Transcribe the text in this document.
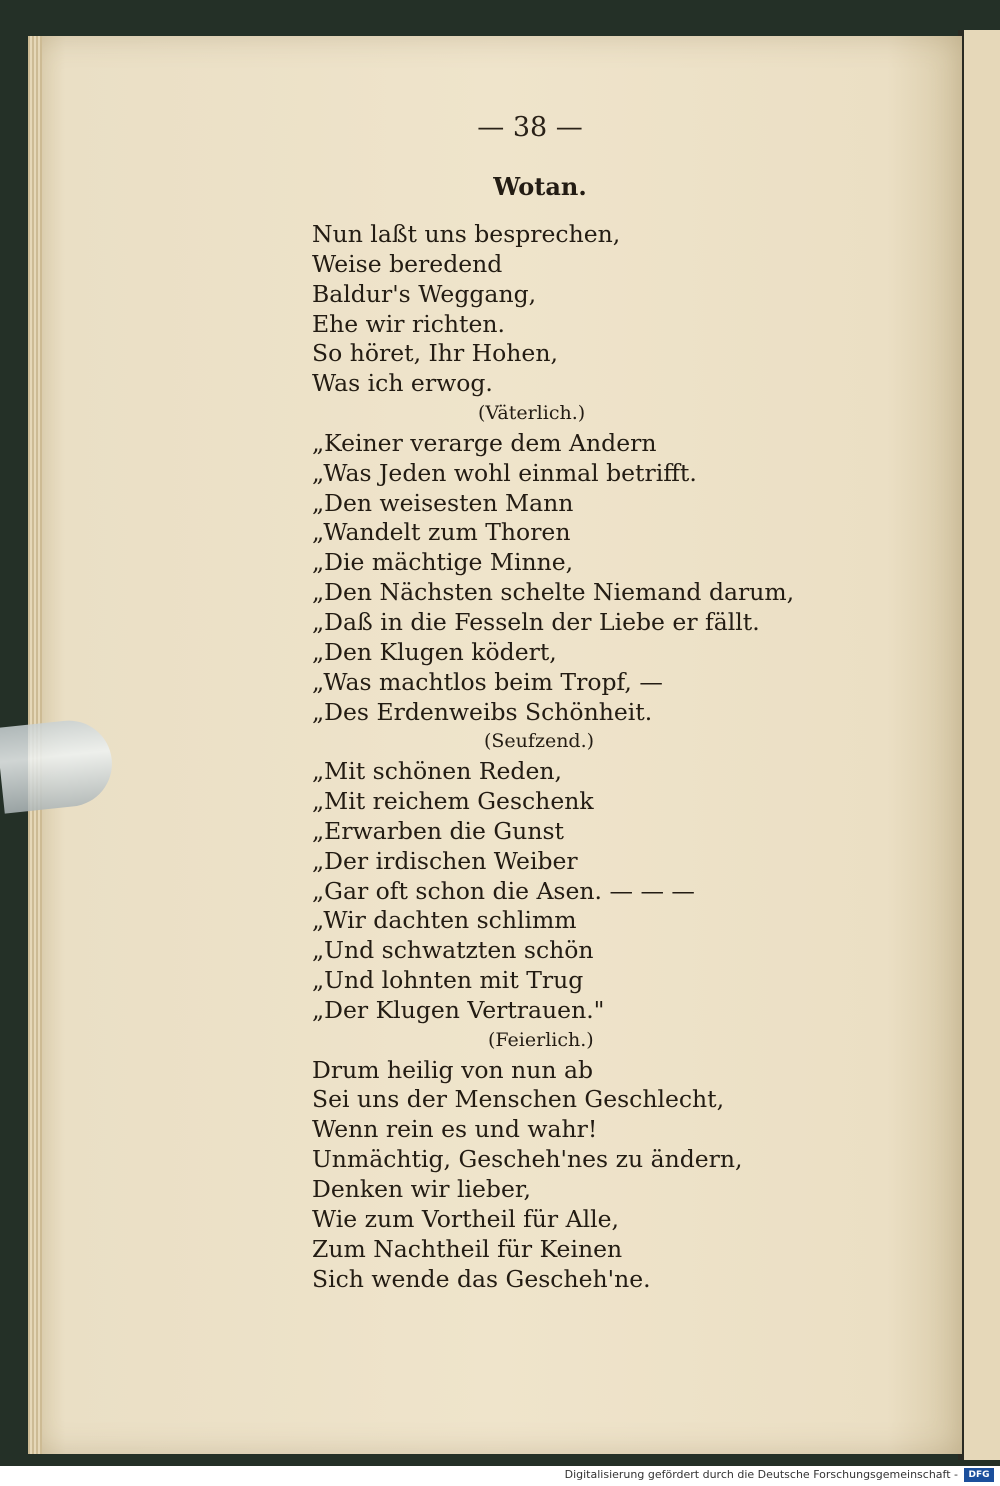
— 38 —
Wotan.
Nun laßt uns besprechen,
Weise beredend
Baldur's Weggang,
Ehe wir richten.
So höret, Ihr Hohen,
Was ich erwog.
(Väterlich.)
„Keiner verarge dem Andern
„Was Jeden wohl einmal betrifft.
„Den weisesten Mann
„Wandelt zum Thoren
„Die mächtige Minne,
„Den Nächsten schelte Niemand darum,
„Daß in die Fesseln der Liebe er fällt.
„Den Klugen ködert,
„Was machtlos beim Tropf, —
„Des Erdenweibs Schönheit.
(Seufzend.)
„Mit schönen Reden,
„Mit reichem Geschenk
„Erwarben die Gunst
„Der irdischen Weiber
„Gar oft schon die Asen. — — —
„Wir dachten schlimm
„Und schwatzten schön
„Und lohnten mit Trug
„Der Klugen Vertrauen."
(Feierlich.)
Drum heilig von nun ab
Sei uns der Menschen Geschlecht,
Wenn rein es und wahr!
Unmächtig, Gescheh'nes zu ändern,
Denken wir lieber,
Wie zum Vortheil für Alle,
Zum Nachtheil für Keinen
Sich wende das Gescheh'ne.
Digitalisierung gefördert durch die Deutsche Forschungsgemeinschaft -	DFG
